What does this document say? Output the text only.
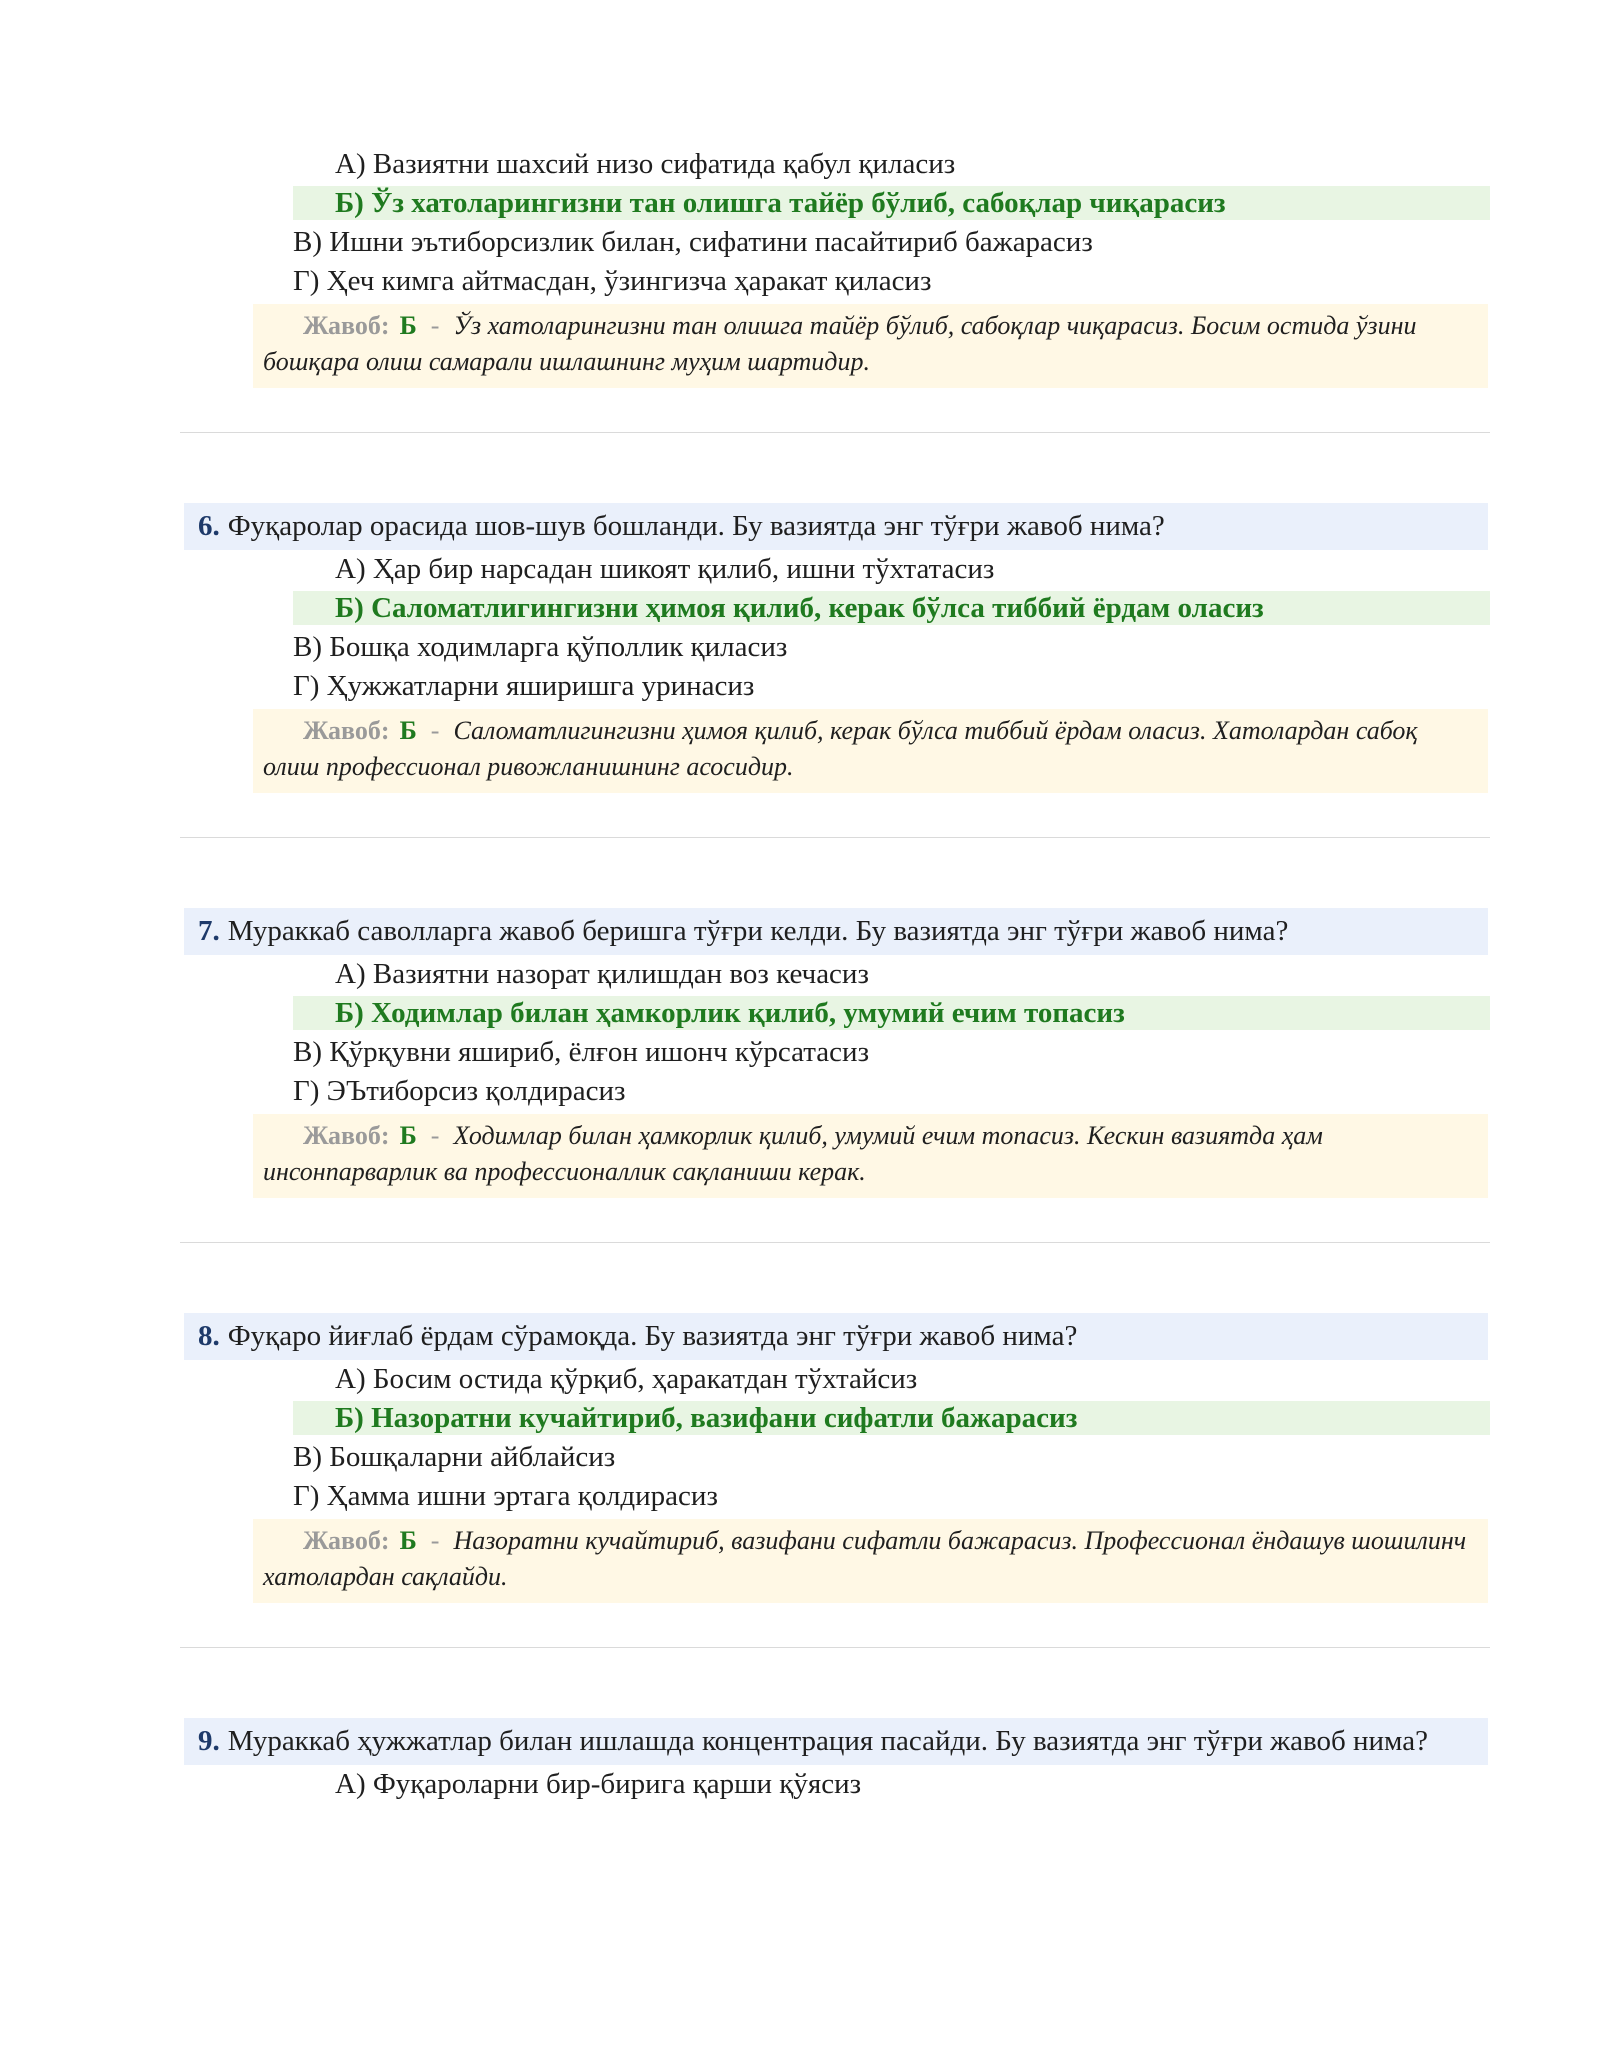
А) Вазиятни шахсий низо сифатида қабул қиласиз
Б) Ўз хатоларингизни тан олишга тайёр бўлиб, сабоқлар чиқарасиз
В) Ишни эътиборсизлик билан, сифатини пасайтириб бажарасиз
Г) Ҳеч кимга айтмасдан, ўзингизча ҳаракат қиласиз
Жавоб: Б - Ўз хатоларингизни тан олишга тайёр бўлиб, сабоқлар чиқарасиз. Босим остида ўзини бошқара олиш самарали ишлашнинг муҳим шартидир.
6. Фуқаролар орасида шов-шув бошланди. Бу вазиятда энг тўғри жавоб нима?
А) Ҳар бир нарсадан шикоят қилиб, ишни тўхтатасиз
Б) Саломатлигингизни ҳимоя қилиб, керак бўлса тиббий ёрдам оласиз
В) Бошқа ходимларга қўполлик қиласиз
Г) Ҳужжатларни яширишга уринасиз
Жавоб: Б - Саломатлигингизни ҳимоя қилиб, керак бўлса тиббий ёрдам оласиз. Хатолардан сабоқ олиш профессионал ривожланишнинг асосидир.
7. Мураккаб саволларга жавоб беришга тўғри келди. Бу вазиятда энг тўғри жавоб нима?
А) Вазиятни назорат қилишдан воз кечасиз
Б) Ходимлар билан ҳамкорлик қилиб, умумий ечим топасиз
В) Қўрқувни яшириб, ёлғон ишонч кўрсатасиз
Г) ЭЪтиборсиз қолдирасиз
Жавоб: Б - Ходимлар билан ҳамкорлик қилиб, умумий ечим топасиз. Кескин вазиятда ҳам инсонпарварлик ва профессионаллик сақланиши керак.
8. Фуқаро йиғлаб ёрдам сўрамоқда. Бу вазиятда энг тўғри жавоб нима?
А) Босим остида қўрқиб, ҳаракатдан тўхтайсиз
Б) Назоратни кучайтириб, вазифани сифатли бажарасиз
В) Бошқаларни айблайсиз
Г) Ҳамма ишни эртага қолдирасиз
Жавоб: Б - Назоратни кучайтириб, вазифани сифатли бажарасиз. Профессионал ёндашув шошилинч хатолардан сақлайди.
9. Мураккаб ҳужжатлар билан ишлашда концентрация пасайди. Бу вазиятда энг тўғри жавоб нима?
А) Фуқароларни бир-бирига қарши қўясиз
